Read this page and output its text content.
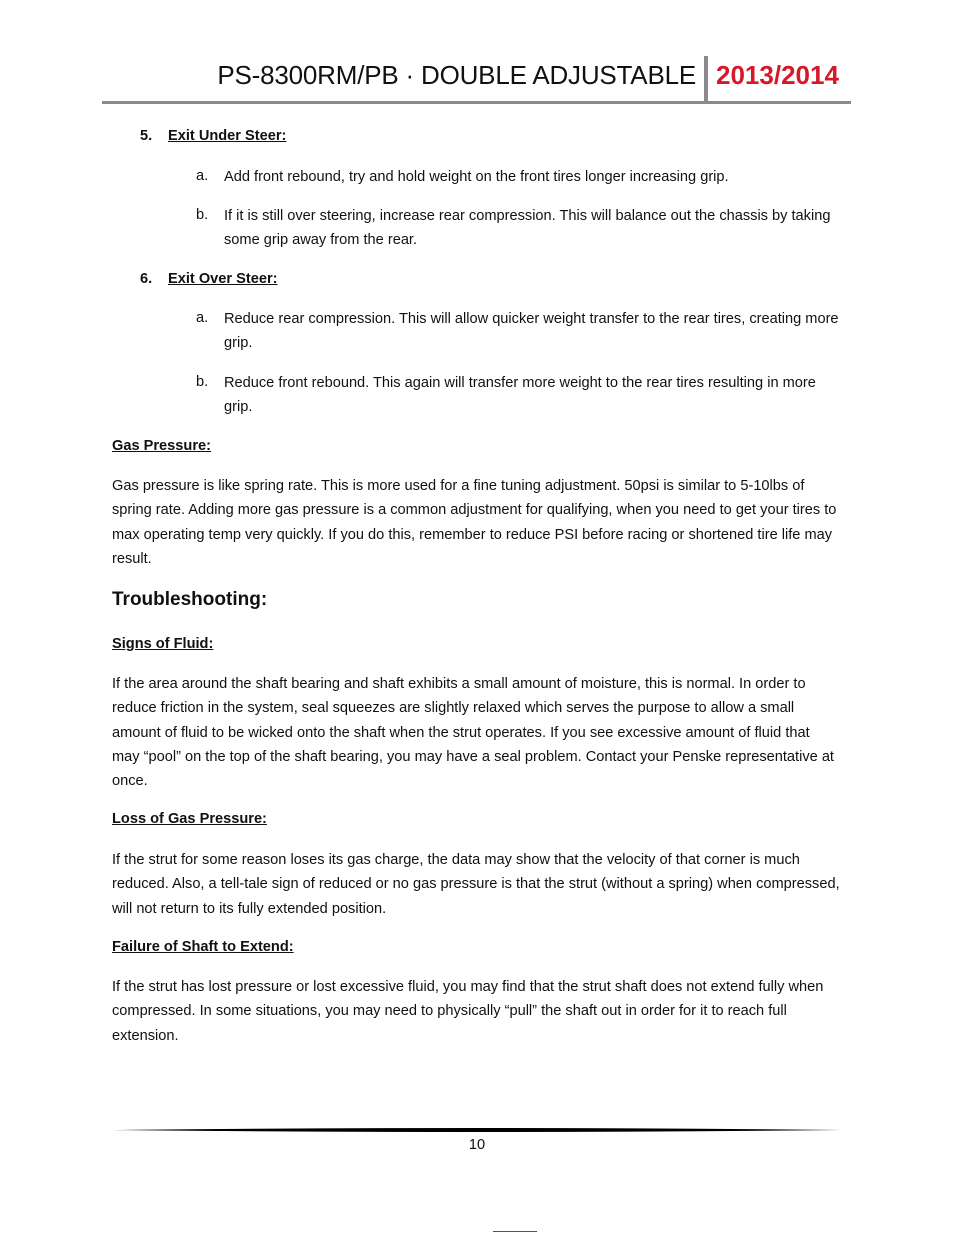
PS-8300RM/PB · DOUBLE ADJUSTABLE 2013/2014
5. Exit Under Steer:
a. Add front rebound, try and hold weight on the front tires longer increasing grip.
b. If it is still over steering, increase rear compression. This will balance out the chassis by taking some grip away from the rear.
6. Exit Over Steer:
a. Reduce rear compression. This will allow quicker weight transfer to the rear tires, creating more grip.
b. Reduce front rebound. This again will transfer more weight to the rear tires resulting in more grip.
Gas Pressure:
Gas pressure is like spring rate. This is more used for a fine tuning adjustment. 50psi is similar to 5-10lbs of spring rate. Adding more gas pressure is a common adjustment for qualifying, when you need to get your tires to max operating temp very quickly. If you do this, remember to reduce PSI before racing or shortened tire life may result.
Troubleshooting:
Signs of Fluid:
If the area around the shaft bearing and shaft exhibits a small amount of moisture, this is normal. In order to reduce friction in the system, seal squeezes are slightly relaxed which serves the purpose to allow a small amount of fluid to be wicked onto the shaft when the strut operates. If you see excessive amount of fluid that may “pool” on the top of the shaft bearing, you may have a seal problem. Contact your Penske representative at once.
Loss of Gas Pressure:
If the strut for some reason loses its gas charge, the data may show that the velocity of that corner is much reduced. Also, a tell-tale sign of reduced or no gas pressure is that the strut (without a spring) when compressed, will not return to its fully extended position.
Failure of Shaft to Extend:
If the strut has lost pressure or lost excessive fluid, you may find that the strut shaft does not extend fully when compressed. In some situations, you may need to physically “pull” the shaft out in order for it to reach full extension.
10
